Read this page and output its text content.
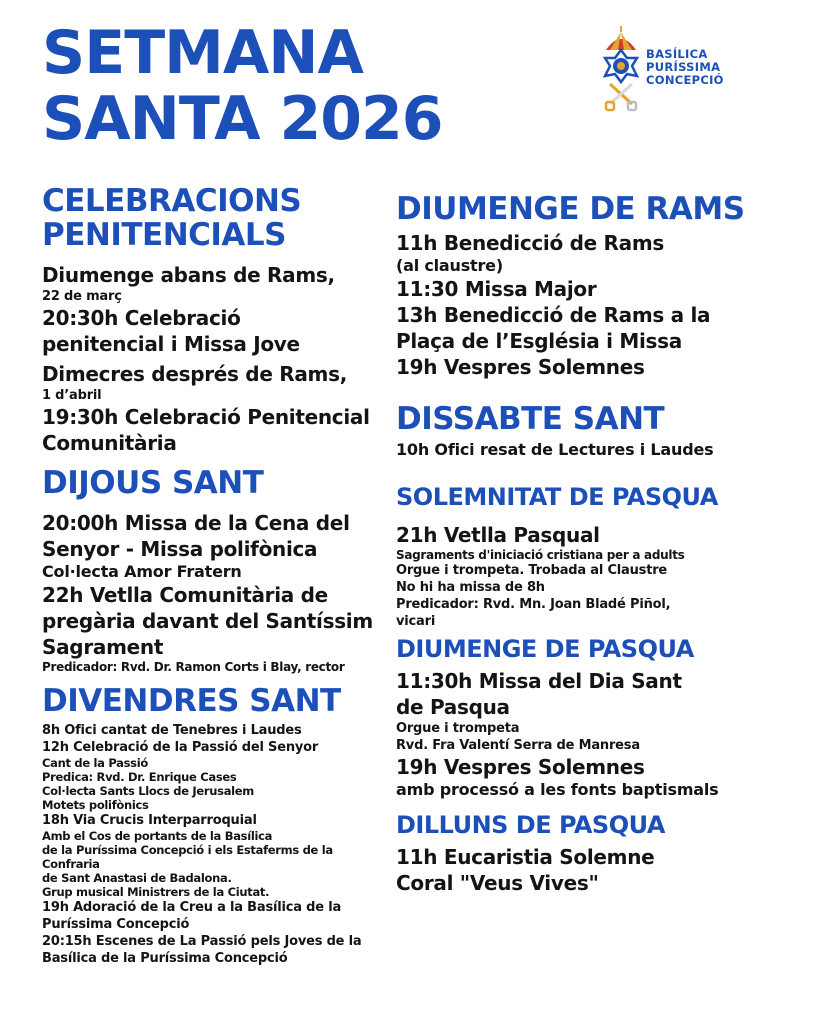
SETMANA
SANTA 2026
BASÍLICA
PURÍSSIMA
CONCEPCIÓ

CELEBRACIONS

PENITENCIALS

Diumenge abans de Rams,

22 de març

20:30h Celebració

penitencial i Missa Jove

Dimecres després de Rams,

1 d’abril

19:30h Celebració Penitencial

Comunitària

DIJOUS SANT

20:00h Missa de la Cena del

Senyor - Missa polifònica

Col·lecta Amor Fratern

22h Vetlla Comunitària de

pregària davant del Santíssim

Sagrament

Predicador: Rvd. Dr. Ramon Corts i Blay, rector

DIVENDRES SANT

8h Ofici cantat de Tenebres i Laudes

12h Celebració de la Passió del Senyor

Cant de la Passió

Predica: Rvd. Dr. Enrique Cases

Col·lecta Sants Llocs de Jerusalem

Motets polifònics

18h Via Crucis Interparroquial

Amb el Cos de portants de la Basílica

de la Puríssima Concepció i els Estaferms de la Confraria

de Sant Anastasi de Badalona.

Grup musical Ministrers de la Ciutat.

19h Adoració de la Creu a la Basílica de la

Puríssima Concepció

20:15h Escenes de La Passió pels Joves de la

Basílica de la Puríssima Concepció

DIUMENGE DE RAMS

11h Benedicció de Rams

(al claustre)

11:30 Missa Major

13h Benedicció de Rams a la

Plaça de l’Església i Missa

19h Vespres Solemnes

DISSABTE SANT

10h Ofici resat de Lectures i Laudes

SOLEMNITAT DE PASQUA

21h Vetlla Pasqual

Sagraments d'iniciació cristiana per a adults

Orgue i trompeta. Trobada al Claustre

No hi ha missa de 8h

Predicador: Rvd. Mn. Joan Bladé Piñol,

vicari

DIUMENGE DE PASQUA

11:30h Missa del Dia Sant

de Pasqua

Orgue i trompeta

Rvd. Fra Valentí Serra de Manresa

19h Vespres Solemnes

amb processó a les fonts baptismals

DILLUNS DE PASQUA

11h Eucaristia Solemne

Coral "Veus Vives"
